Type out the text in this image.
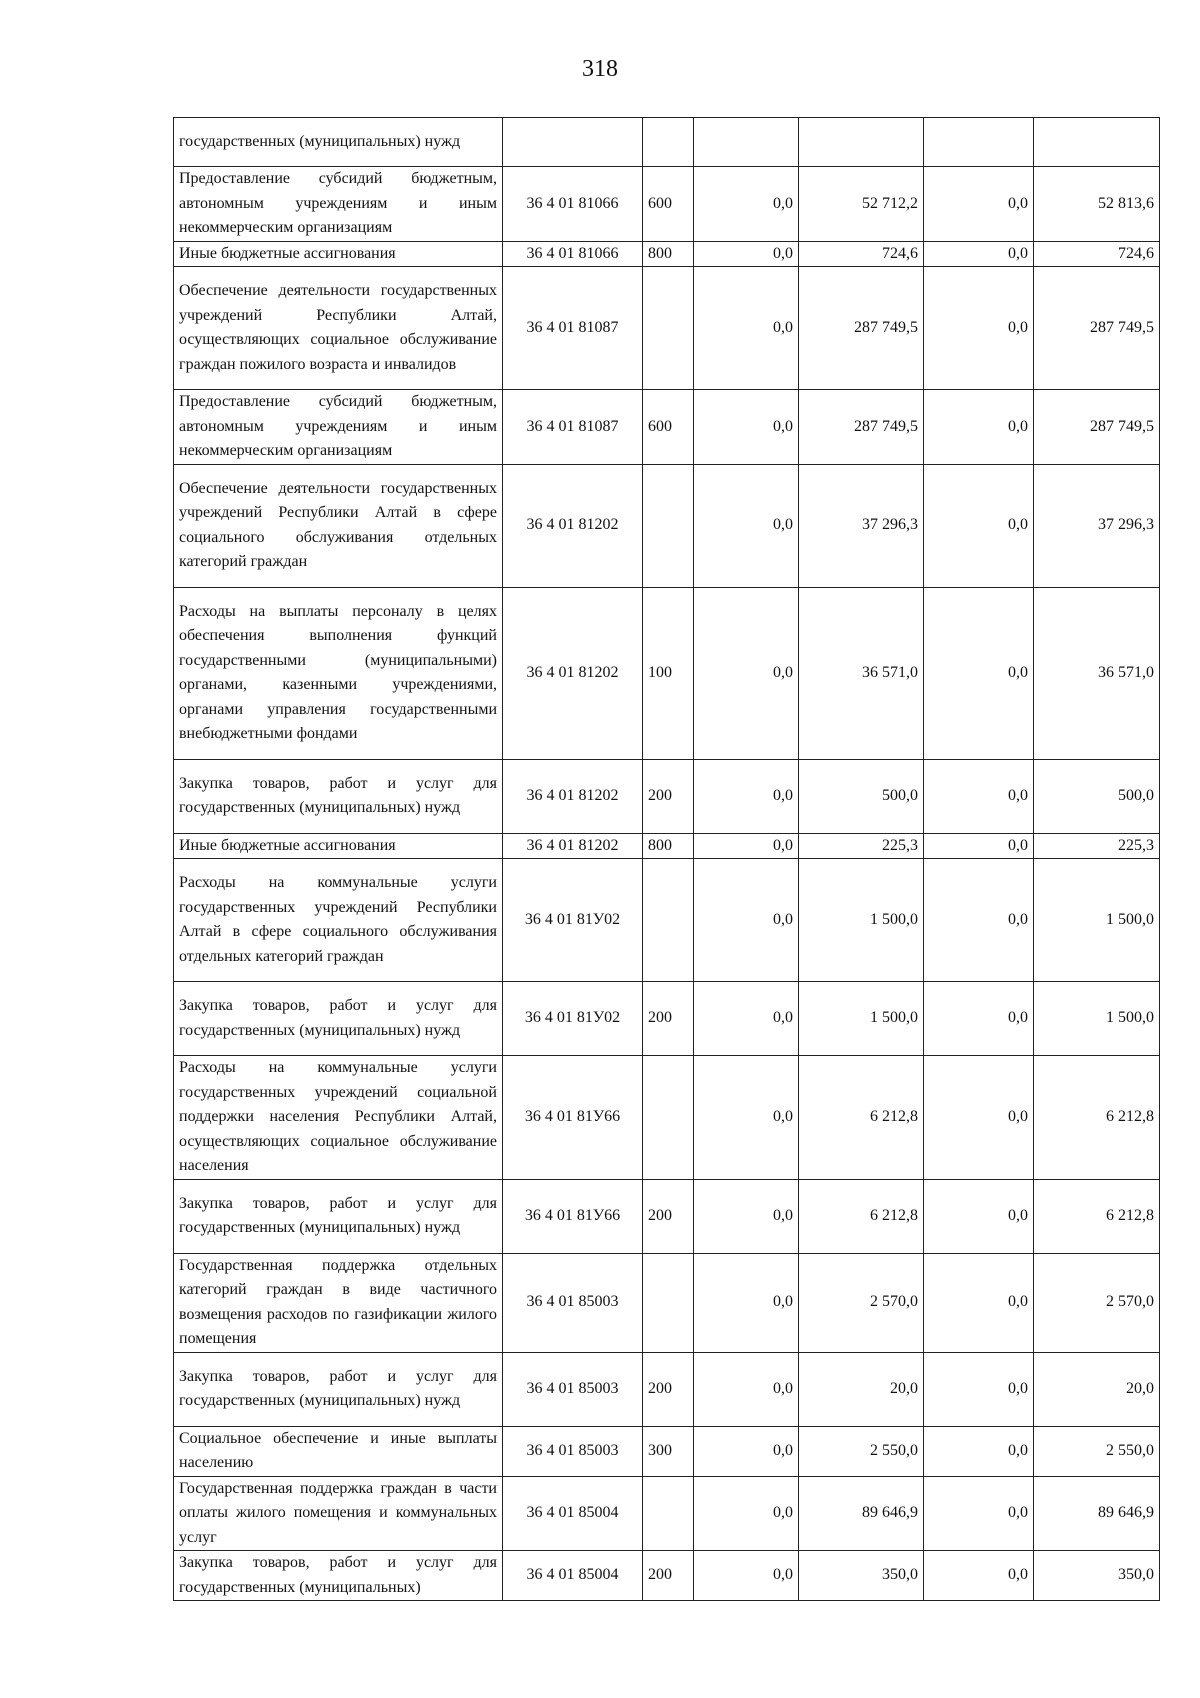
318
государственных (муниципальных) нужд						
Предоставление субсидий бюджетным, автономным учреждениям и иным некоммерческим организациям	36 4 01 81066	600	0,0	52 712,2	0,0	52 813,6
Иные бюджетные ассигнования	36 4 01 81066	800	0,0	724,6	0,0	724,6
Обеспечение деятельности государственных учреждений Республики Алтай, осуществляющих социальное обслуживание граждан пожилого возраста и инвалидов	36 4 01 81087		0,0	287 749,5	0,0	287 749,5
Предоставление субсидий бюджетным, автономным учреждениям и иным некоммерческим организациям	36 4 01 81087	600	0,0	287 749,5	0,0	287 749,5
Обеспечение деятельности государственных учреждений Республики Алтай в сфере социального обслуживания отдельных категорий граждан	36 4 01 81202		0,0	37 296,3	0,0	37 296,3
Расходы на выплаты персоналу в целях обеспечения выполнения функций государственными (муниципальными) органами, казенными учреждениями, органами управления государственными внебюджетными фондами	36 4 01 81202	100	0,0	36 571,0	0,0	36 571,0
Закупка товаров, работ и услуг для государственных (муниципальных) нужд	36 4 01 81202	200	0,0	500,0	0,0	500,0
Иные бюджетные ассигнования	36 4 01 81202	800	0,0	225,3	0,0	225,3
Расходы на коммунальные услуги государственных учреждений Республики Алтай в сфере социального обслуживания отдельных категорий граждан	36 4 01 81У02		0,0	1 500,0	0,0	1 500,0
Закупка товаров, работ и услуг для государственных (муниципальных) нужд	36 4 01 81У02	200	0,0	1 500,0	0,0	1 500,0
Расходы на коммунальные услуги государственных учреждений социальной поддержки населения Республики Алтай, осуществляющих социальное обслуживание населения	36 4 01 81У66		0,0	6 212,8	0,0	6 212,8
Закупка товаров, работ и услуг для государственных (муниципальных) нужд	36 4 01 81У66	200	0,0	6 212,8	0,0	6 212,8
Государственная поддержка отдельных категорий граждан в виде частичного возмещения расходов по газификации жилого помещения	36 4 01 85003		0,0	2 570,0	0,0	2 570,0
Закупка товаров, работ и услуг для государственных (муниципальных) нужд	36 4 01 85003	200	0,0	20,0	0,0	20,0
Социальное обеспечение и иные выплаты населению	36 4 01 85003	300	0,0	2 550,0	0,0	2 550,0
Государственная поддержка граждан в части оплаты жилого помещения и коммунальных услуг	36 4 01 85004		0,0	89 646,9	0,0	89 646,9
Закупка товаров, работ и услуг для государственных (муниципальных)	36 4 01 85004	200	0,0	350,0	0,0	350,0
